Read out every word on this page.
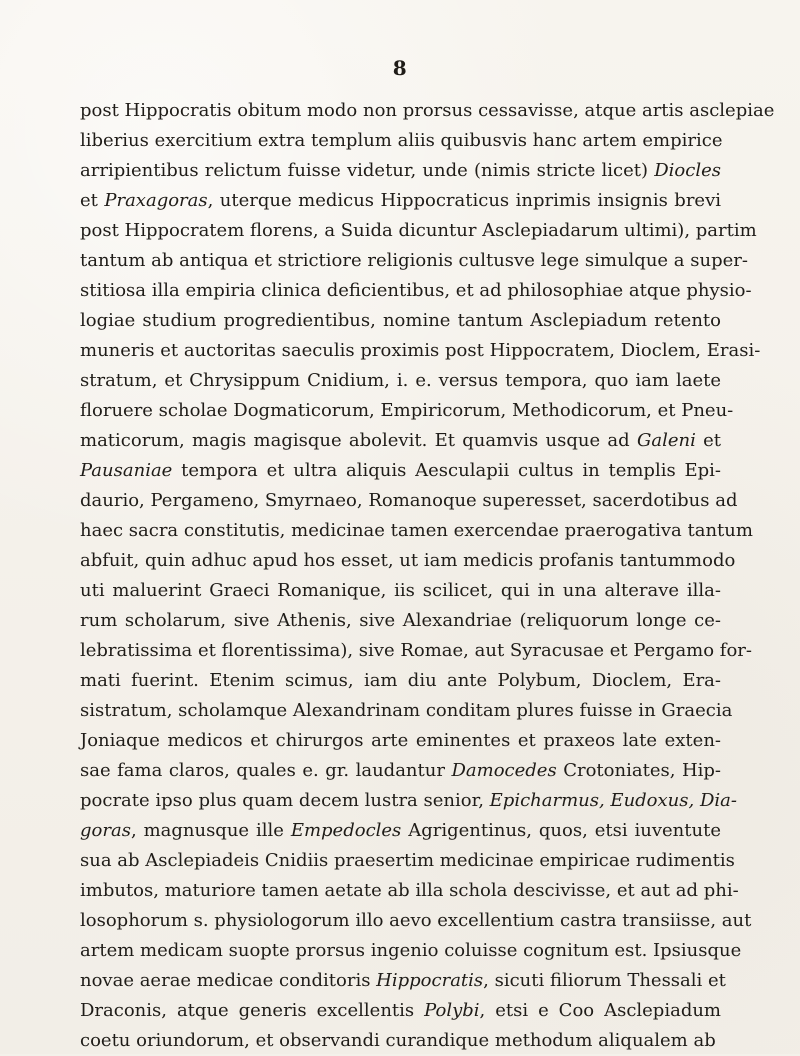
8
post Hippocratis obitum modo non prorsus cessavisse, atque artis asclepiae
liberius exercitium extra templum aliis quibusvis hanc artem empirice
arripientibus relictum fuisse videtur, unde (nimis stricte licet) Diocles
et Praxagoras, uterque medicus Hippocraticus inprimis insignis brevi
post Hippocratem florens, a Suida dicuntur Asclepiadarum ultimi), partim
tantum ab antiqua et strictiore religionis cultusve lege simulque a super-
stitiosa illa empiria clinica deficientibus, et ad philosophiae atque physio-
logiae studium progredientibus, nomine tantum Asclepiadum retento
muneris et auctoritas saeculis proximis post Hippocratem, Dioclem, Erasi-
stratum, et Chrysippum Cnidium, i. e. versus tempora, quo iam laete
floruere scholae Dogmaticorum, Empiricorum, Methodicorum, et Pneu-
maticorum, magis magisque abolevit. Et quamvis usque ad Galeni et
Pausaniae tempora et ultra aliquis Aesculapii cultus in templis Epi-
daurio, Pergameno, Smyrnaeo, Romanoque superesset, sacerdotibus ad
haec sacra constitutis, medicinae tamen exercendae praerogativa tantum
abfuit, quin adhuc apud hos esset, ut iam medicis profanis tantummodo
uti maluerint Graeci Romanique, iis scilicet, qui in una alterave illa-
rum scholarum, sive Athenis, sive Alexandriae (reliquorum longe ce-
lebratissima et florentissima), sive Romae, aut Syracusae et Pergamo for-
mati fuerint. Etenim scimus, iam diu ante Polybum, Dioclem, Era-
sistratum, scholamque Alexandrinam conditam plures fuisse in Graecia
Joniaque medicos et chirurgos arte eminentes et praxeos late exten-
sae fama claros, quales e. gr. laudantur Damocedes Crotoniates, Hip-
pocrate ipso plus quam decem lustra senior, Epicharmus, Eudoxus, Dia-
goras, magnusque ille Empedocles Agrigentinus, quos, etsi iuventute
sua ab Asclepiadeis Cnidiis praesertim medicinae empiricae rudimentis
imbutos, maturiore tamen aetate ab illa schola descivisse, et aut ad phi-
losophorum s. physiologorum illo aevo excellentium castra transiisse, aut
artem medicam suopte prorsus ingenio coluisse cognitum est. Ipsiusque
novae aerae medicae conditoris Hippocratis, sicuti filiorum Thessali et
Draconis, atque generis excellentis Polybi, etsi e Coo Asclepiadum
coetu oriundorum, et observandi curandique methodum aliqualem ab
